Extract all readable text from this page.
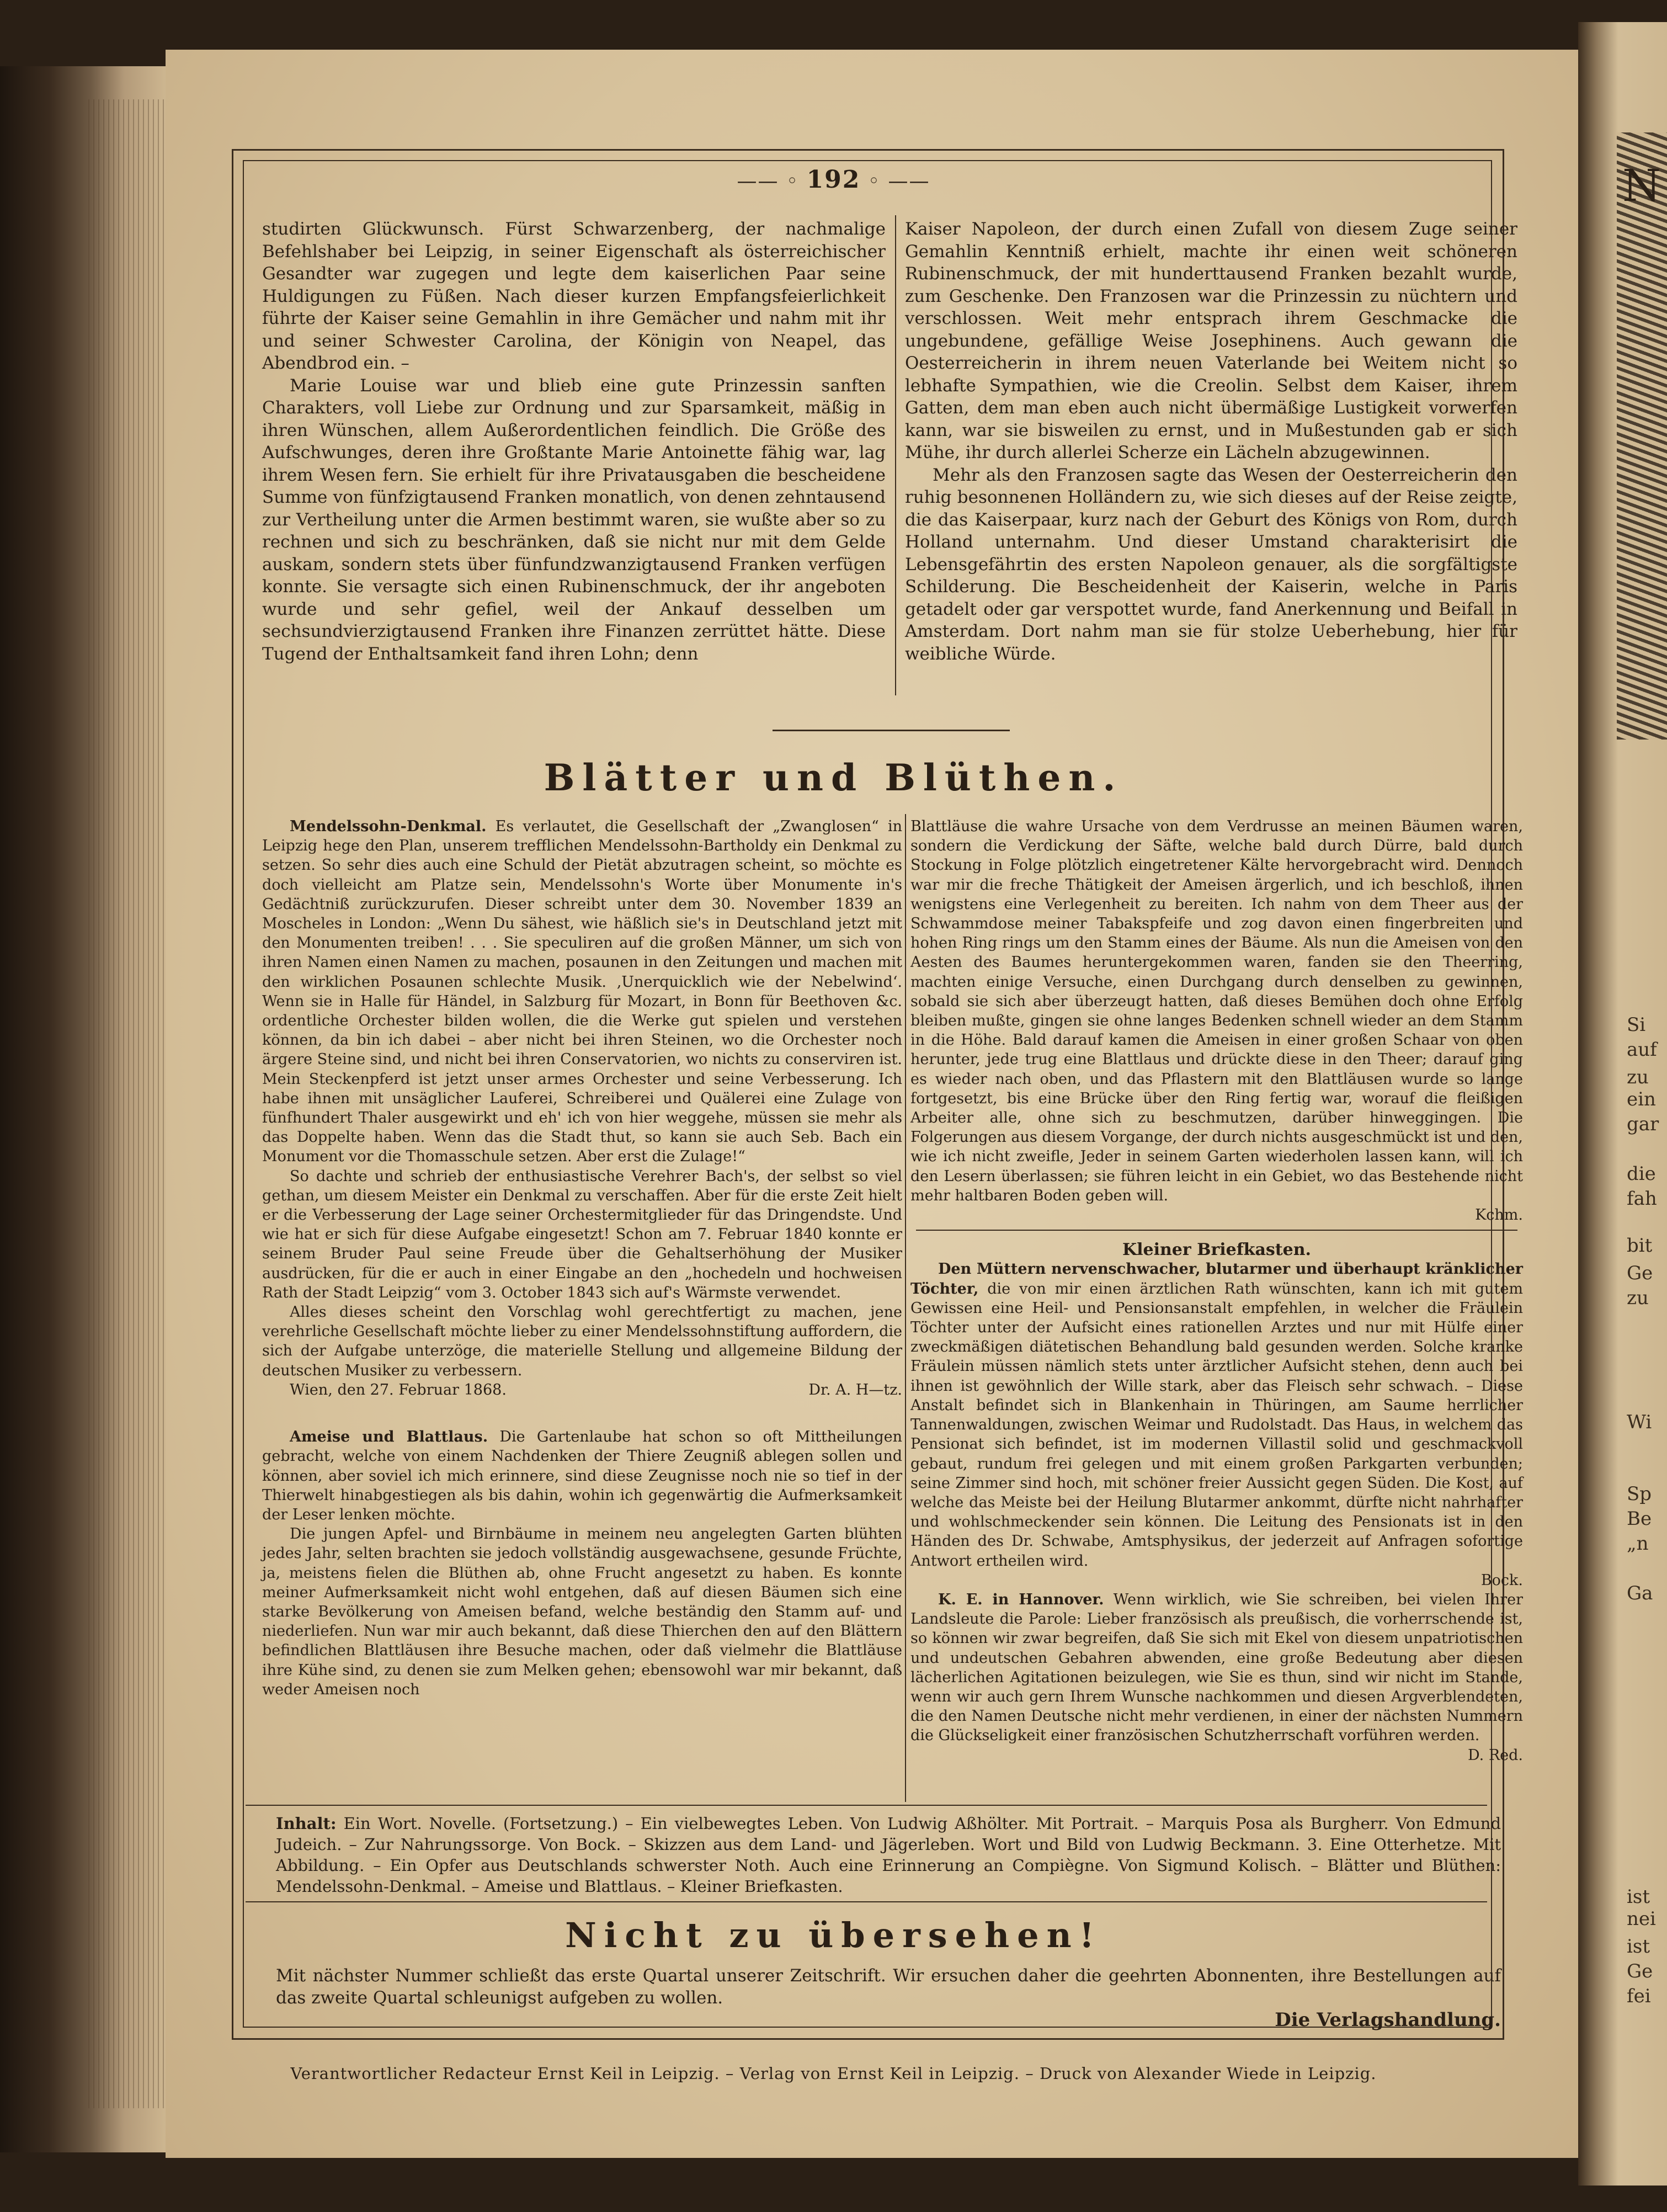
N
Si
auf
zu
ein
gar
die
fah
bit
Ge
zu
Wi
Sp
Be
„n
Ga
ist
nei
ist
Ge
fei
—— ◦ 192 ◦ ——

studirten Glückwunsch. Fürst Schwarzenberg, der nachmalige Befehlshaber bei Leipzig, in seiner Eigenschaft als österreichischer Gesandter war zugegen und legte dem kaiserlichen Paar seine Huldigungen zu Füßen. Nach dieser kurzen Empfangsfeierlichkeit führte der Kaiser seine Gemahlin in ihre Gemächer und nahm mit ihr und seiner Schwester Carolina, der Königin von Neapel, das Abendbrod ein. –

Marie Louise war und blieb eine gute Prinzessin sanften Charakters, voll Liebe zur Ordnung und zur Sparsamkeit, mäßig in ihren Wünschen, allem Außerordentlichen feindlich. Die Größe des Aufschwunges, deren ihre Großtante Marie Antoinette fähig war, lag ihrem Wesen fern. Sie erhielt für ihre Privatausgaben die bescheidene Summe von fünfzigtausend Franken monatlich, von denen zehntausend zur Vertheilung unter die Armen bestimmt waren, sie wußte aber so zu rechnen und sich zu beschränken, daß sie nicht nur mit dem Gelde auskam, sondern stets über fünfundzwanzigtausend Franken verfügen konnte. Sie versagte sich einen Rubinenschmuck, der ihr angeboten wurde und sehr gefiel, weil der Ankauf desselben um sechsundvierzigtausend Franken ihre Finanzen zerrüttet hätte. Diese Tugend der Enthaltsamkeit fand ihren Lohn; denn

Kaiser Napoleon, der durch einen Zufall von diesem Zuge seiner Gemahlin Kenntniß erhielt, machte ihr einen weit schöneren Rubinenschmuck, der mit hunderttausend Franken bezahlt wurde, zum Geschenke. Den Franzosen war die Prinzessin zu nüchtern und verschlossen. Weit mehr entsprach ihrem Geschmacke die ungebundene, gefällige Weise Josephinens. Auch gewann die Oesterreicherin in ihrem neuen Vaterlande bei Weitem nicht so lebhafte Sympathien, wie die Creolin. Selbst dem Kaiser, ihrem Gatten, dem man eben auch nicht übermäßige Lustigkeit vorwerfen kann, war sie bisweilen zu ernst, und in Mußestunden gab er sich Mühe, ihr durch allerlei Scherze ein Lächeln abzugewinnen.

Mehr als den Franzosen sagte das Wesen der Oesterreicherin den ruhig besonnenen Holländern zu, wie sich dieses auf der Reise zeigte, die das Kaiserpaar, kurz nach der Geburt des Königs von Rom, durch Holland unternahm. Und dieser Umstand charakterisirt die Lebensgefährtin des ersten Napoleon genauer, als die sorgfältigste Schilderung. Die Bescheidenheit der Kaiserin, welche in Paris getadelt oder gar verspottet wurde, fand Anerkennung und Beifall in Amsterdam. Dort nahm man sie für stolze Ueberhebung, hier für weibliche Würde.

Blätter und Blüthen.

Mendelssohn-Denkmal. Es verlautet, die Gesellschaft der „Zwanglosen“ in Leipzig hege den Plan, unserem trefflichen Mendelssohn-Bartholdy ein Denkmal zu setzen. So sehr dies auch eine Schuld der Pietät abzutragen scheint, so möchte es doch vielleicht am Platze sein, Mendelssohn's Worte über Monumente in's Gedächtniß zurückzurufen. Dieser schreibt unter dem 30. November 1839 an Moscheles in London: „Wenn Du sähest, wie häßlich sie's in Deutschland jetzt mit den Monumenten treiben! . . . Sie speculiren auf die großen Männer, um sich von ihren Namen einen Namen zu machen, posaunen in den Zeitungen und machen mit den wirklichen Posaunen schlechte Musik. ‚Unerquicklich wie der Nebelwind‘. Wenn sie in Halle für Händel, in Salzburg für Mozart, in Bonn für Beethoven &c. ordentliche Orchester bilden wollen, die die Werke gut spielen und verstehen können, da bin ich dabei – aber nicht bei ihren Steinen, wo die Orchester noch ärgere Steine sind, und nicht bei ihren Conservatorien, wo nichts zu conserviren ist. Mein Steckenpferd ist jetzt unser armes Orchester und seine Verbesserung. Ich habe ihnen mit unsäglicher Lauferei, Schreiberei und Quälerei eine Zulage von fünfhundert Thaler ausgewirkt und eh' ich von hier weggehe, müssen sie mehr als das Doppelte haben. Wenn das die Stadt thut, so kann sie auch Seb. Bach ein Monument vor die Thomasschule setzen. Aber erst die Zulage!“

So dachte und schrieb der enthusiastische Verehrer Bach's, der selbst so viel gethan, um diesem Meister ein Denkmal zu verschaffen. Aber für die erste Zeit hielt er die Verbesserung der Lage seiner Orchestermitglieder für das Dringendste. Und wie hat er sich für diese Aufgabe eingesetzt! Schon am 7. Februar 1840 konnte er seinem Bruder Paul seine Freude über die Gehaltserhöhung der Musiker ausdrücken, für die er auch in einer Eingabe an den „hochedeln und hochweisen Rath der Stadt Leipzig“ vom 3. October 1843 sich auf's Wärmste verwendet.

Alles dieses scheint den Vorschlag wohl gerechtfertigt zu machen, jene verehrliche Gesellschaft möchte lieber zu einer Mendelssohnstiftung auffordern, die sich der Aufgabe unterzöge, die materielle Stellung und allgemeine Bildung der deutschen Musiker zu verbessern.

Wien, den 27. Februar 1868.	Dr. A. H—tz.

Ameise und Blattlaus. Die Gartenlaube hat schon so oft Mittheilungen gebracht, welche von einem Nachdenken der Thiere Zeugniß ablegen sollen und können, aber soviel ich mich erinnere, sind diese Zeugnisse noch nie so tief in der Thierwelt hinabgestiegen als bis dahin, wohin ich gegenwärtig die Aufmerksamkeit der Leser lenken möchte.

Die jungen Apfel- und Birnbäume in meinem neu angelegten Garten blühten jedes Jahr, selten brachten sie jedoch vollständig ausgewachsene, gesunde Früchte, ja, meistens fielen die Blüthen ab, ohne Frucht angesetzt zu haben. Es konnte meiner Aufmerksamkeit nicht wohl entgehen, daß auf diesen Bäumen sich eine starke Bevölkerung von Ameisen befand, welche beständig den Stamm auf- und niederliefen. Nun war mir auch bekannt, daß diese Thierchen den auf den Blättern befindlichen Blattläusen ihre Besuche machen, oder daß vielmehr die Blattläuse ihre Kühe sind, zu denen sie zum Melken gehen; ebensowohl war mir bekannt, daß weder Ameisen noch

Blattläuse die wahre Ursache von dem Verdrusse an meinen Bäumen waren, sondern die Verdickung der Säfte, welche bald durch Dürre, bald durch Stockung in Folge plötzlich eingetretener Kälte hervorgebracht wird. Dennoch war mir die freche Thätigkeit der Ameisen ärgerlich, und ich beschloß, ihnen wenigstens eine Verlegenheit zu bereiten. Ich nahm von dem Theer aus der Schwammdose meiner Tabakspfeife und zog davon einen fingerbreiten und hohen Ring rings um den Stamm eines der Bäume. Als nun die Ameisen von den Aesten des Baumes heruntergekommen waren, fanden sie den Theerring, machten einige Versuche, einen Durchgang durch denselben zu gewinnen, sobald sie sich aber überzeugt hatten, daß dieses Bemühen doch ohne Erfolg bleiben mußte, gingen sie ohne langes Bedenken schnell wieder an dem Stamm in die Höhe. Bald darauf kamen die Ameisen in einer großen Schaar von oben herunter, jede trug eine Blattlaus und drückte diese in den Theer; darauf ging es wieder nach oben, und das Pflastern mit den Blattläusen wurde so lange fortgesetzt, bis eine Brücke über den Ring fertig war, worauf die fleißigen Arbeiter alle, ohne sich zu beschmutzen, darüber hinweggingen. Die Folgerungen aus diesem Vorgange, der durch nichts ausgeschmückt ist und den, wie ich nicht zweifle, Jeder in seinem Garten wiederholen lassen kann, will ich den Lesern überlassen; sie führen leicht in ein Gebiet, wo das Bestehende nicht mehr haltbaren Boden geben will.

Kchm.

Kleiner Briefkasten.

Den Müttern nervenschwacher, blutarmer und überhaupt kränklicher Töchter, die von mir einen ärztlichen Rath wünschten, kann ich mit gutem Gewissen eine Heil- und Pensionsanstalt empfehlen, in welcher die Fräulein Töchter unter der Aufsicht eines rationellen Arztes und nur mit Hülfe einer zweckmäßigen diätetischen Behandlung bald gesunden werden. Solche kranke Fräulein müssen nämlich stets unter ärztlicher Aufsicht stehen, denn auch bei ihnen ist gewöhnlich der Wille stark, aber das Fleisch sehr schwach. – Diese Anstalt befindet sich in Blankenhain in Thüringen, am Saume herrlicher Tannenwaldungen, zwischen Weimar und Rudolstadt. Das Haus, in welchem das Pensionat sich befindet, ist im modernen Villastil solid und geschmackvoll gebaut, rundum frei gelegen und mit einem großen Parkgarten verbunden; seine Zimmer sind hoch, mit schöner freier Aussicht gegen Süden. Die Kost, auf welche das Meiste bei der Heilung Blutarmer ankommt, dürfte nicht nahrhafter und wohlschmeckender sein können. Die Leitung des Pensionats ist in den Händen des Dr. Schwabe, Amtsphysikus, der jederzeit auf Anfragen sofortige Antwort ertheilen wird.

Bock.

K. E. in Hannover. Wenn wirklich, wie Sie schreiben, bei vielen Ihrer Landsleute die Parole: Lieber französisch als preußisch, die vorherrschende ist, so können wir zwar begreifen, daß Sie sich mit Ekel von diesem unpatriotischen und undeutschen Gebahren abwenden, eine große Bedeutung aber diesen lächerlichen Agitationen beizulegen, wie Sie es thun, sind wir nicht im Stande, wenn wir auch gern Ihrem Wunsche nachkommen und diesen Argverblendeten, die den Namen Deutsche nicht mehr verdienen, in einer der nächsten Nummern die Glückseligkeit einer französischen Schutzherrschaft vorführen werden.

D. Red.

Inhalt: Ein Wort. Novelle. (Fortsetzung.) – Ein vielbewegtes Leben. Von Ludwig Aßhölter. Mit Portrait. – Marquis Posa als Burgherr. Von Edmund Judeich. – Zur Nahrungssorge. Von Bock. – Skizzen aus dem Land- und Jägerleben. Wort und Bild von Ludwig Beckmann. 3. Eine Otterhetze. Mit Abbildung. – Ein Opfer aus Deutschlands schwerster Noth. Auch eine Erinnerung an Compiègne. Von Sigmund Kolisch. – Blätter und Blüthen: Mendelssohn-Denkmal. – Ameise und Blattlaus. – Kleiner Briefkasten.
Nicht zu übersehen!
Mit nächster Nummer schließt das erste Quartal unserer Zeitschrift. Wir ersuchen daher die geehrten Abonnenten, ihre Bestellungen auf das zweite Quartal schleunigst aufgeben zu wollen.
Die Verlagshandlung.
Verantwortlicher Redacteur Ernst Keil in Leipzig. – Verlag von Ernst Keil in Leipzig. – Druck von Alexander Wiede in Leipzig.
